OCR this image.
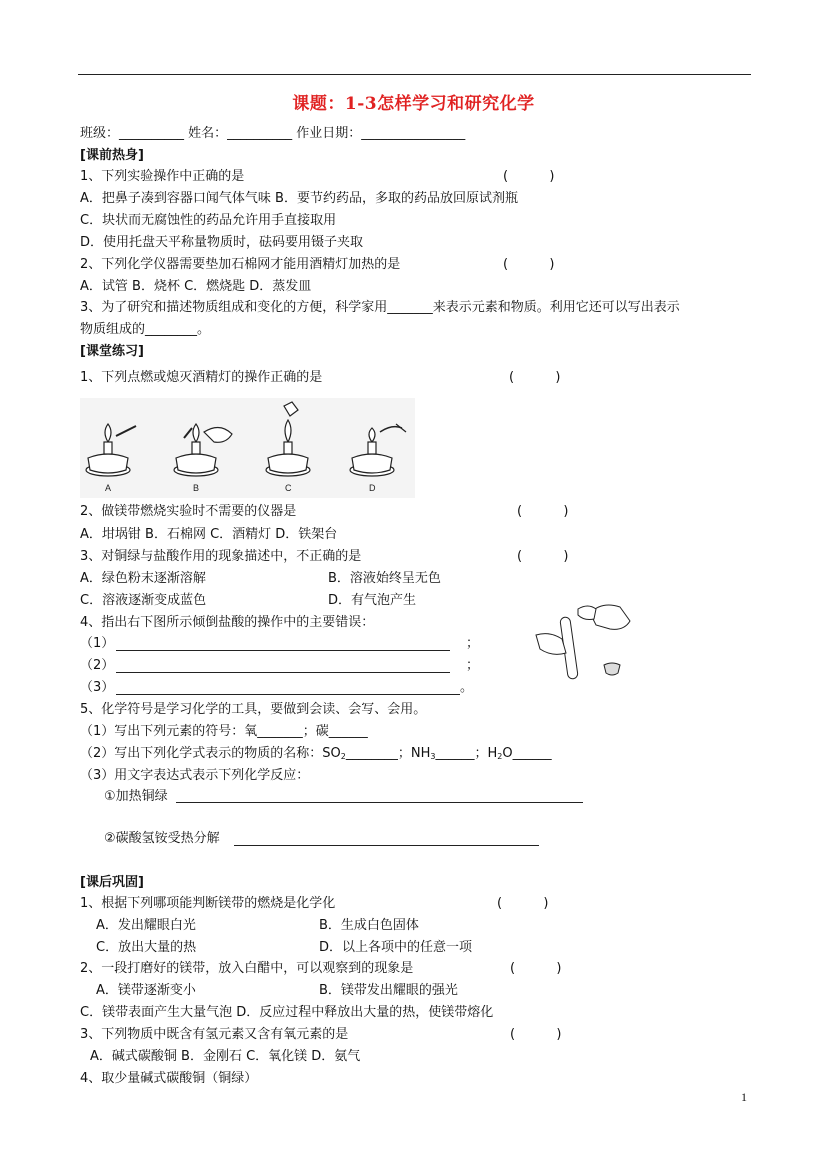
课题：1-3怎样学习和研究化学
班级：__________ 姓名：__________ 作业日期：________________
[课前热身]
1、下列实验操作中正确的是	(          )
A．把鼻子凑到容器口闻气体气味 B．要节约药品，多取的药品放回原试剂瓶
C．块状而无腐蚀性的药品允许用手直接取用
D．使用托盘天平称量物质时，砝码要用镊子夹取
2、下列化学仪器需要垫加石棉网才能用酒精灯加热的是	(          )
A．试管 B．烧杯 C．燃烧匙 D．蒸发皿
3、为了研究和描述物质组成和变化的方便，科学家用_______来表示元素和物质。利用它还可以写出表示
物质组成的________。
[课堂练习]
1、下列点燃或熄灭酒精灯的操作正确的是	(          )
A	B	C	D
2、做镁带燃烧实验时不需要的仪器是	(          )
A．坩埚钳 B．石棉网 C．酒精灯 D．铁架台
3、对铜绿与盐酸作用的现象描述中，不正确的是	(          )
A．绿色粉末逐渐溶解	B．溶液始终呈无色
C．溶液逐渐变成蓝色	D．有气泡产生
4、指出右下图所示倾倒盐酸的操作中的主要错误：
（1）	；
（2）	；
（3）	。
5、化学符号是学习化学的工具，要做到会读、会写、会用。
（1）写出下列元素的符号：氧_______；碳______
（2）写出下列化学式表示的物质的名称：$SO_2\_\_\_\_\_\_\_\_$；$NH_3\_\_\_\_\_\_$；$H_2O\_\_\_\_\_\_$
（3）用文字表达式表示下列化学反应：
①加热铜绿
②碳酸氢铵受热分解
[课后巩固]
1、根据下列哪项能判断镁带的燃烧是化学化	(          )
A．发出耀眼白光	B．生成白色固体
C．放出大量的热	D．以上各项中的任意一项
2、一段打磨好的镁带，放入白醋中，可以观察到的现象是	(          )
A．镁带逐渐变小	B．镁带发出耀眼的强光
C．镁带表面产生大量气泡 D．反应过程中释放出大量的热，使镁带熔化
3、下列物质中既含有氢元素又含有氧元素的是	(          )
A．碱式碳酸铜 B．金刚石 C．氧化镁 D．氨气
4、取少量碱式碳酸铜（铜绿）
1
